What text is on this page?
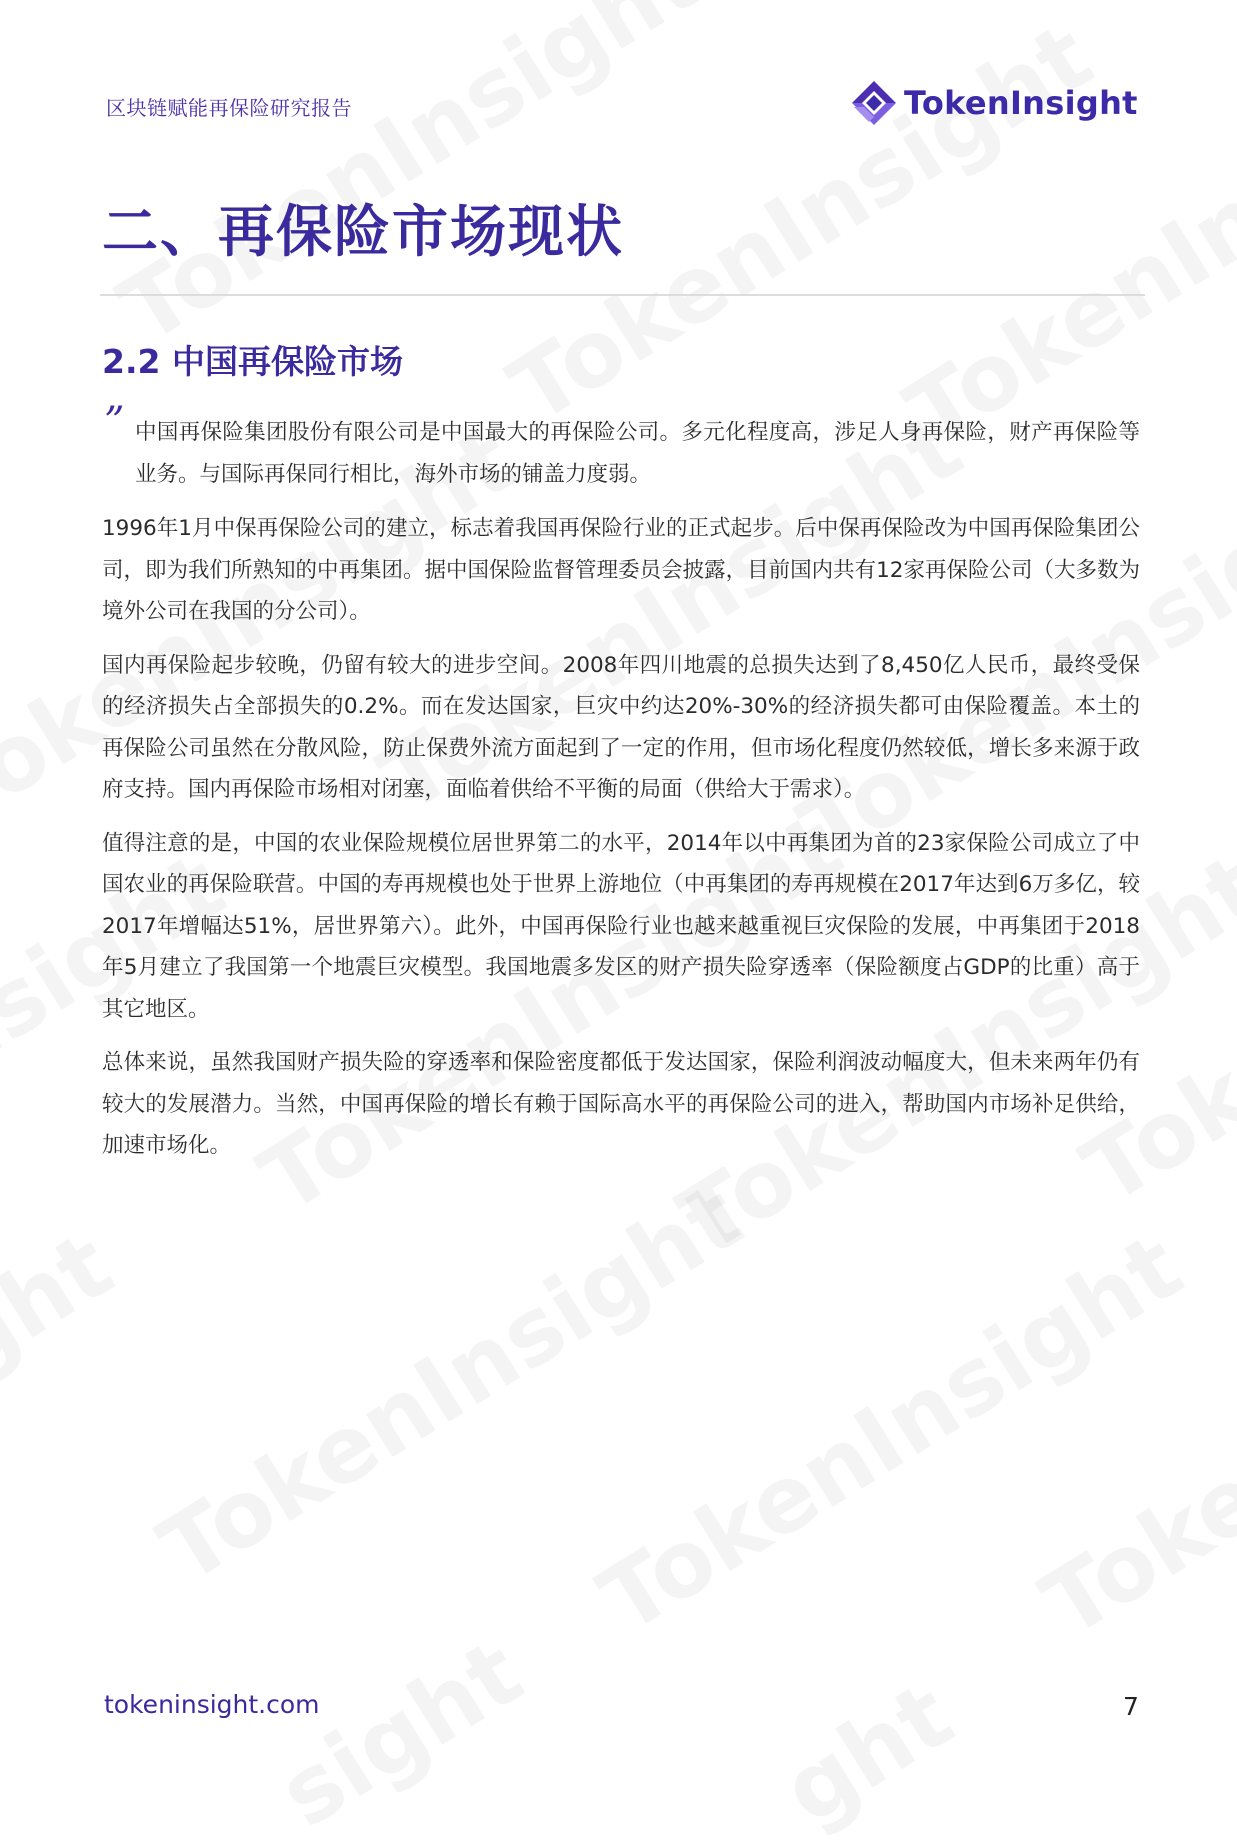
区块链赋能再保险研究报告	TokenInsight
二、再保险市场现状
2.2 中国再保险市场
” 中国再保险集团股份有限公司是中国最大的再保险公司。多元化程度高，涉足人身再保险，财产再保险等业务。与国际再保同行相比，海外市场的铺盖力度弱。

1996年1月中保再保险公司的建立，标志着我国再保险行业的正式起步。后中保再保险改为中国再保险集团公司，即为我们所熟知的中再集团。据中国保险监督管理委员会披露，目前国内共有12家再保险公司（大多数为境外公司在我国的分公司）。

国内再保险起步较晚，仍留有较大的进步空间。2008年四川地震的总损失达到了8,450亿人民币，最终受保的经济损失占全部损失的0.2%。而在发达国家，巨灾中约达20%-30%的经济损失都可由保险覆盖。本土的再保险公司虽然在分散风险，防止保费外流方面起到了一定的作用，但市场化程度仍然较低，增长多来源于政府支持。国内再保险市场相对闭塞，面临着供给不平衡的局面（供给大于需求）。

值得注意的是，中国的农业保险规模位居世界第二的水平，2014年以中再集团为首的23家保险公司成立了中国农业的再保险联营。中国的寿再规模也处于世界上游地位（中再集团的寿再规模在2017年达到6万多亿，较2017年增幅达51%，居世界第六）。此外，中国再保险行业也越来越重视巨灾保险的发展，中再集团于2018年5月建立了我国第一个地震巨灾模型。我国地震多发区的财产损失险穿透率（保险额度占GDP的比重）高于其它地区。

总体来说，虽然我国财产损失险的穿透率和保险密度都低于发达国家，保险利润波动幅度大，但未来两年仍有较大的发展潜力。当然，中国再保险的增长有赖于国际高水平的再保险公司的进入，帮助国内市场补足供给，加速市场化。

tokeninsight.com	7
